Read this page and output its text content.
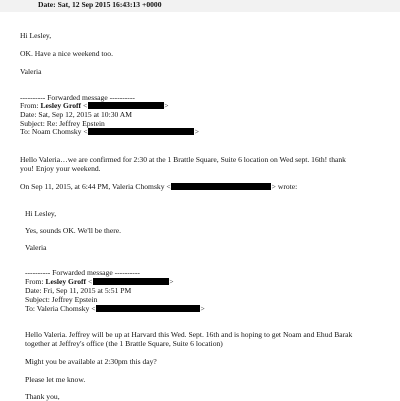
Date: Sat, 12 Sep 2015 16:43:13 +0000
Hi Lesley,
OK. Have a nice weekend too.
Valeria
---------- Forwarded message ----------
From: Lesley Groff <	>
Date: Sat, Sep 12, 2015 at 10:30 AM
Subject: Re: Jeffrey Epstein
To: Noam Chomsky <	>
Hello Valeria…we are confirmed for 2:30 at the 1 Brattle Square, Suite 6 location on Wed sept. 16th! thank
you! Enjoy your weekend.
On Sep 11, 2015, at 6:44 PM, Valeria Chomsky <	> wrote:
Hi Lesley,
Yes, sounds OK. We'll be there.
Valeria
---------- Forwarded message ----------
From: Lesley Groff <	>
Date: Fri, Sep 11, 2015 at 5:51 PM
Subject: Jeffrey Epstein
To: Valeria Chomsky <	>
Hello Valeria. Jeffrey will be up at Harvard this Wed. Sept. 16th and is hoping to get Noam and Ehud Barak
together at Jeffrey's office (the 1 Brattle Square, Suite 6 location)
Might you be available at 2:30pm this day?
Please let me know.
Thank you,
